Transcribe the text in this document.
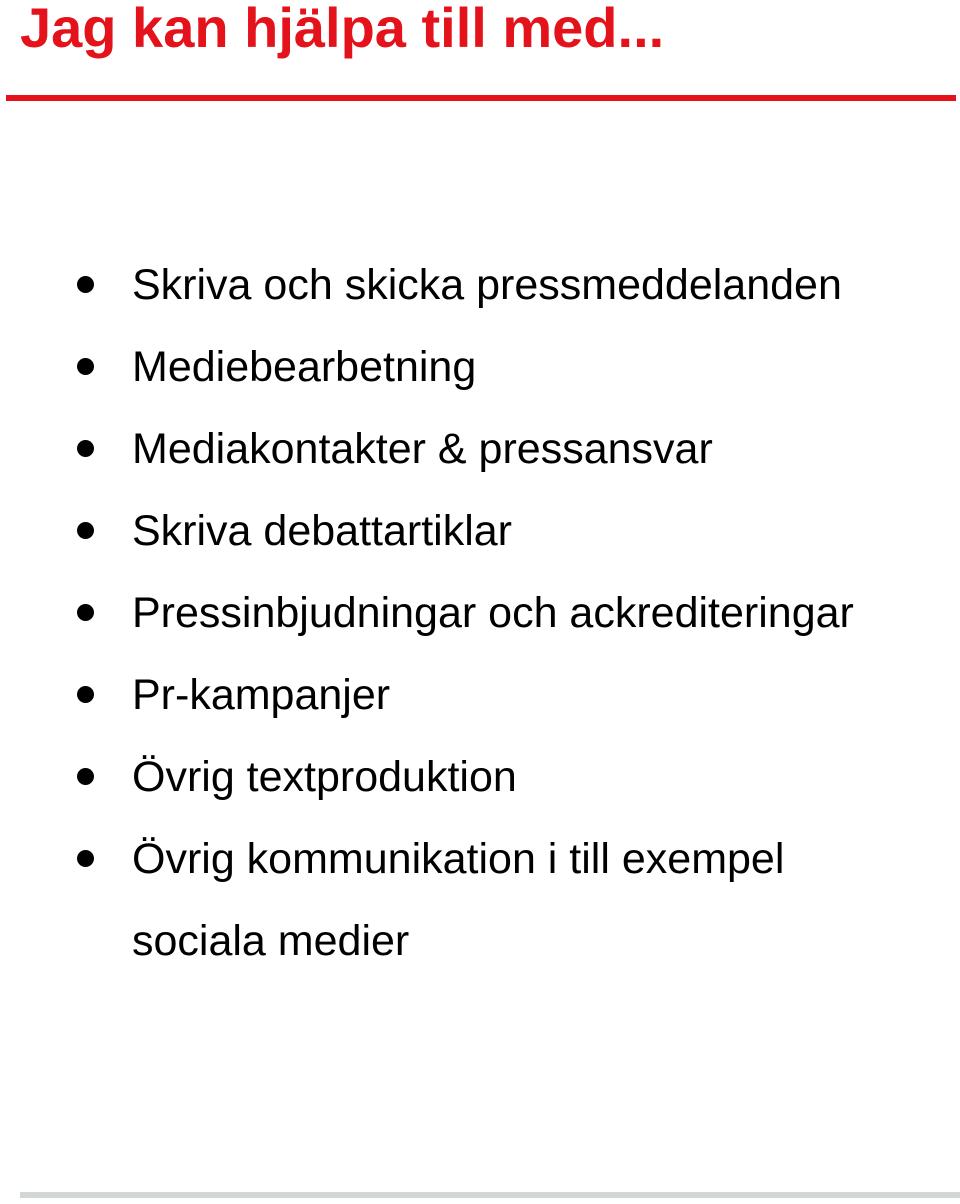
Jag kan hjälpa till med...
Skriva och skicka pressmeddelanden
Mediebearbetning
Mediakontakter & pressansvar
Skriva debattartiklar
Pressinbjudningar och ackrediteringar
Pr-kampanjer
Övrig textproduktion
Övrig kommunikation i till exempel
sociala medier
